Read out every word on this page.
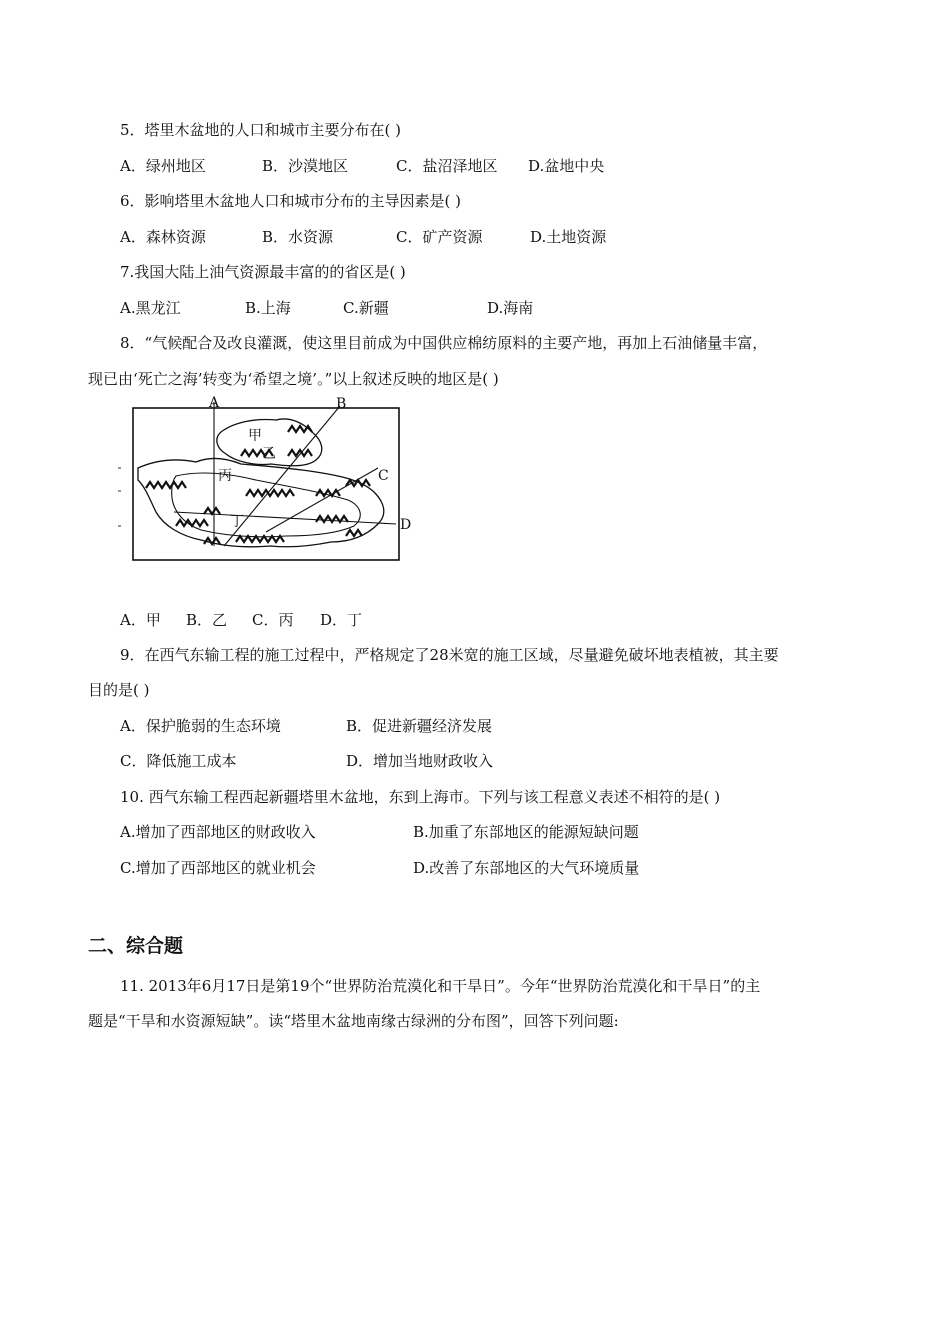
5．塔里木盆地的人口和城市主要分布在( )
A．绿州地区	B．沙漠地区	C．盐沼泽地区 D.盆地中央
6．影响塔里木盆地人口和城市分布的主导因素是( )
A．森林资源	B．水资源	C．矿产资源	D.土地资源
7.我国大陆上油气资源最丰富的的省区是( )
A.黑龙江	B.上海	C.新疆	D.海南
8．“气候配合及改良灌溉，使这里目前成为中国供应棉纺原料的主要产地，再加上石油储量丰富，
现已由‘死亡之海’转变为‘希望之境’。”以上叙述反映的地区是( )
A	B
C
D
甲
乙
丙
丁
A．甲 B．乙 C．丙 D．丁
9．在西气东输工程的施工过程中，严格规定了28米宽的施工区域，尽量避免破坏地表植被，其主要
目的是( )
A．保护脆弱的生态环境	B．促进新疆经济发展
C．降低施工成本	D．增加当地财政收入
10. 西气东输工程西起新疆塔里木盆地，东到上海市。下列与该工程意义表述不相符的是( )
A.增加了西部地区的财政收入	B.加重了东部地区的能源短缺问题
C.增加了西部地区的就业机会	D.改善了东部地区的大气环境质量
二、综合题
11. 2013年6月17日是第19个“世界防治荒漠化和干旱日”。今年“世界防治荒漠化和干旱日”的主
题是“干旱和水资源短缺”。读“塔里木盆地南缘古绿洲的分布图”，回答下列问题:
